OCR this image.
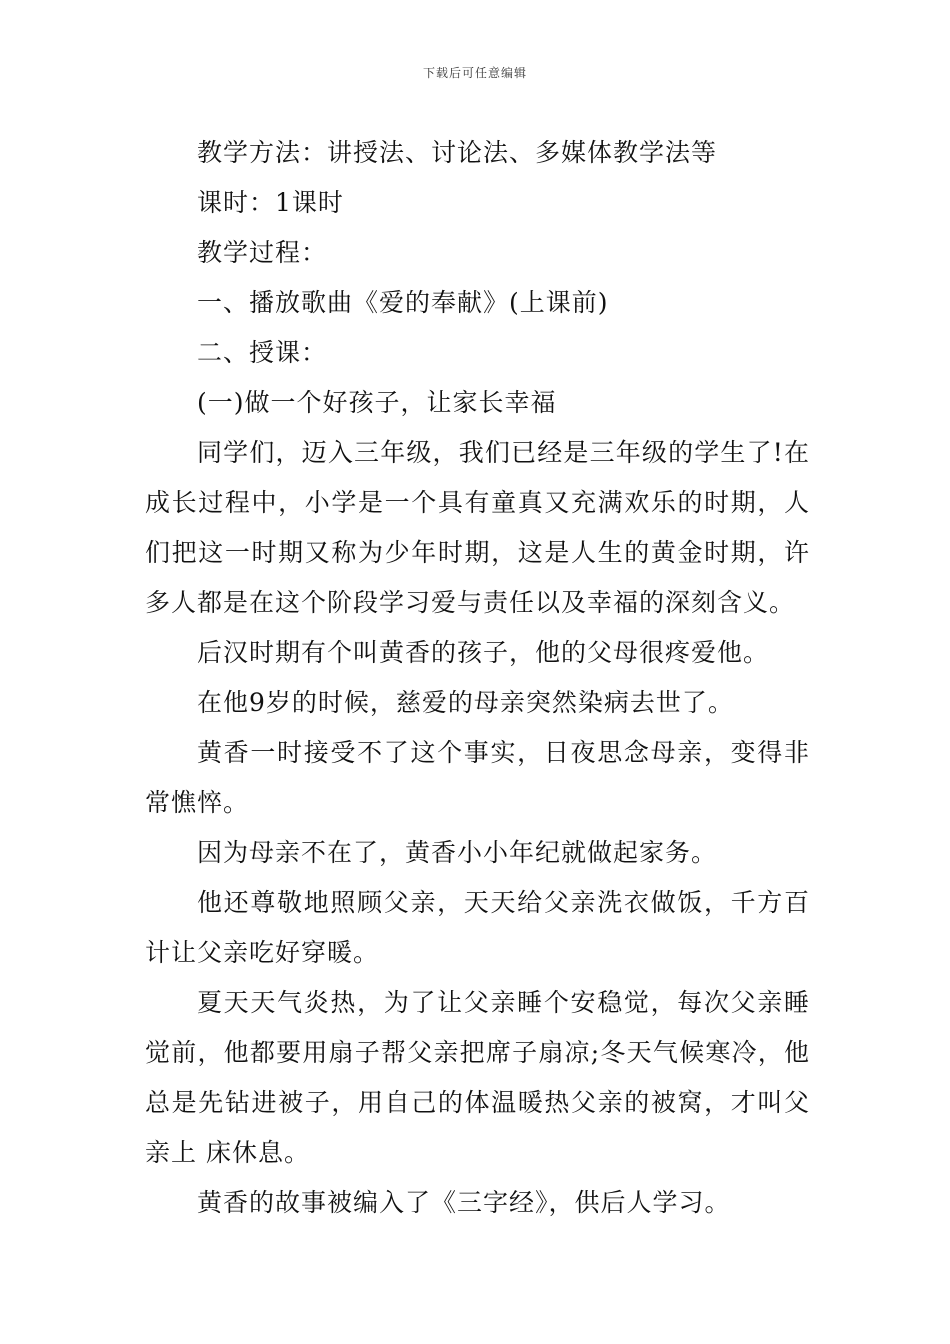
下载后可任意编辑

教学方法：讲授法、讨论法、多媒体教学法等

课时：1课时

教学过程：

一、播放歌曲《爱的奉献》(上课前)

二、授课：

(一)做一个好孩子，让家长幸福

同学们，迈入三年级，我们已经是三年级的学生了!在成长过程中，小学是一个具有童真又充满欢乐的时期，人们把这一时期又称为少年时期，这是人生的黄金时期，许多人都是在这个阶段学习爱与责任以及幸福的深刻含义。

后汉时期有个叫黄香的孩子，他的父母很疼爱他。

在他9岁的时候，慈爱的母亲突然染病去世了。

黄香一时接受不了这个事实，日夜思念母亲，变得非常憔悴。

因为母亲不在了，黄香小小年纪就做起家务。

他还尊敬地照顾父亲，天天给父亲洗衣做饭，千方百计让父亲吃好穿暖。

夏天天气炎热，为了让父亲睡个安稳觉，每次父亲睡觉前，他都要用扇子帮父亲把席子扇凉;冬天气候寒冷，他总是先钻进被子，用自己的体温暖热父亲的被窝，才叫父亲上 床休息。

黄香的故事被编入了《三字经》，供后人学习。
